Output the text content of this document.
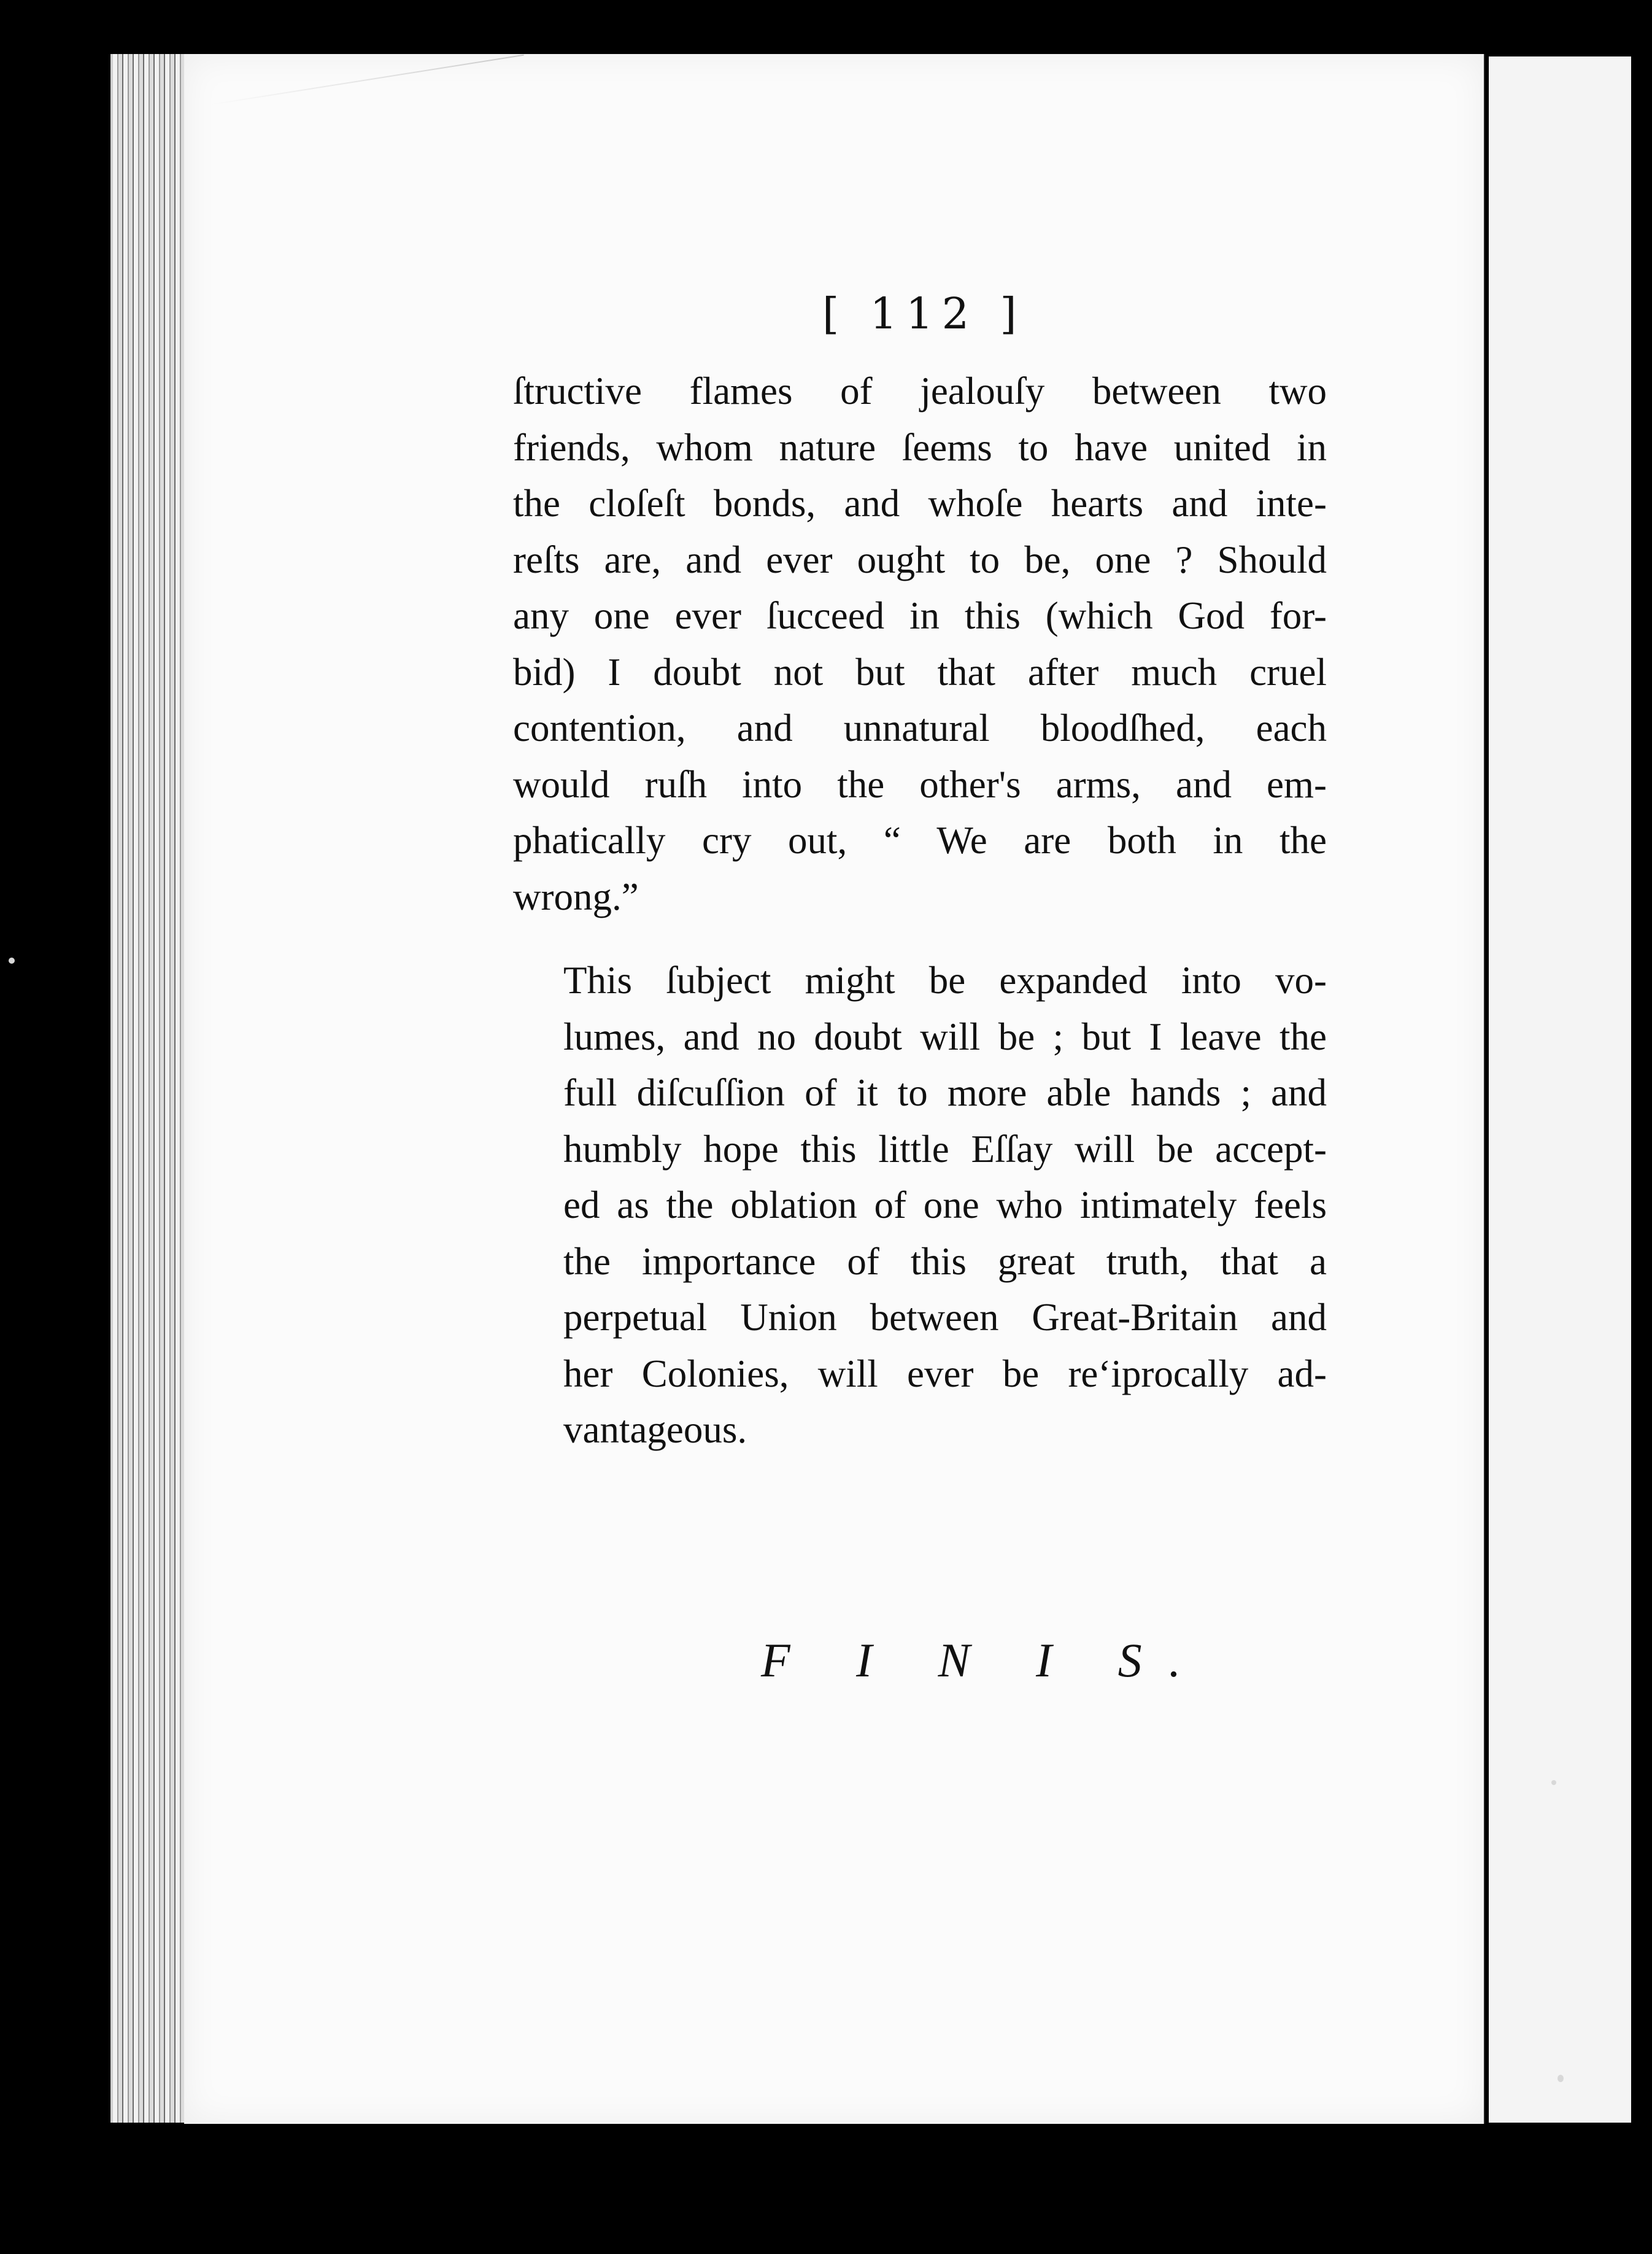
[ 112 ]

ſtructive flames of jealouſy between two
friends, whom nature ſeems to have united in
the cloſeſt bonds, and whoſe hearts and inte-
reſts are, and ever ought to be, one ? Should
any one ever ſucceed in this (which God for-
bid) I doubt not but that after much cruel
contention, and unnatural bloodſhed, each
would ruſh into the other's arms, and em-
phatically cry out, “ We are both in the
wrong.”

This ſubject might be expanded into vo-
lumes, and no doubt will be ; but I leave the
full diſcuſſion of it to more able hands ; and
humbly hope this little Eſſay will be accept-
ed as the oblation of one who intimately feels
the importance of this great truth, that a
perpetual Union between Great-Britain and
her Colonies, will ever be re‘iprocally ad-
vantageous.

F I N I S.
